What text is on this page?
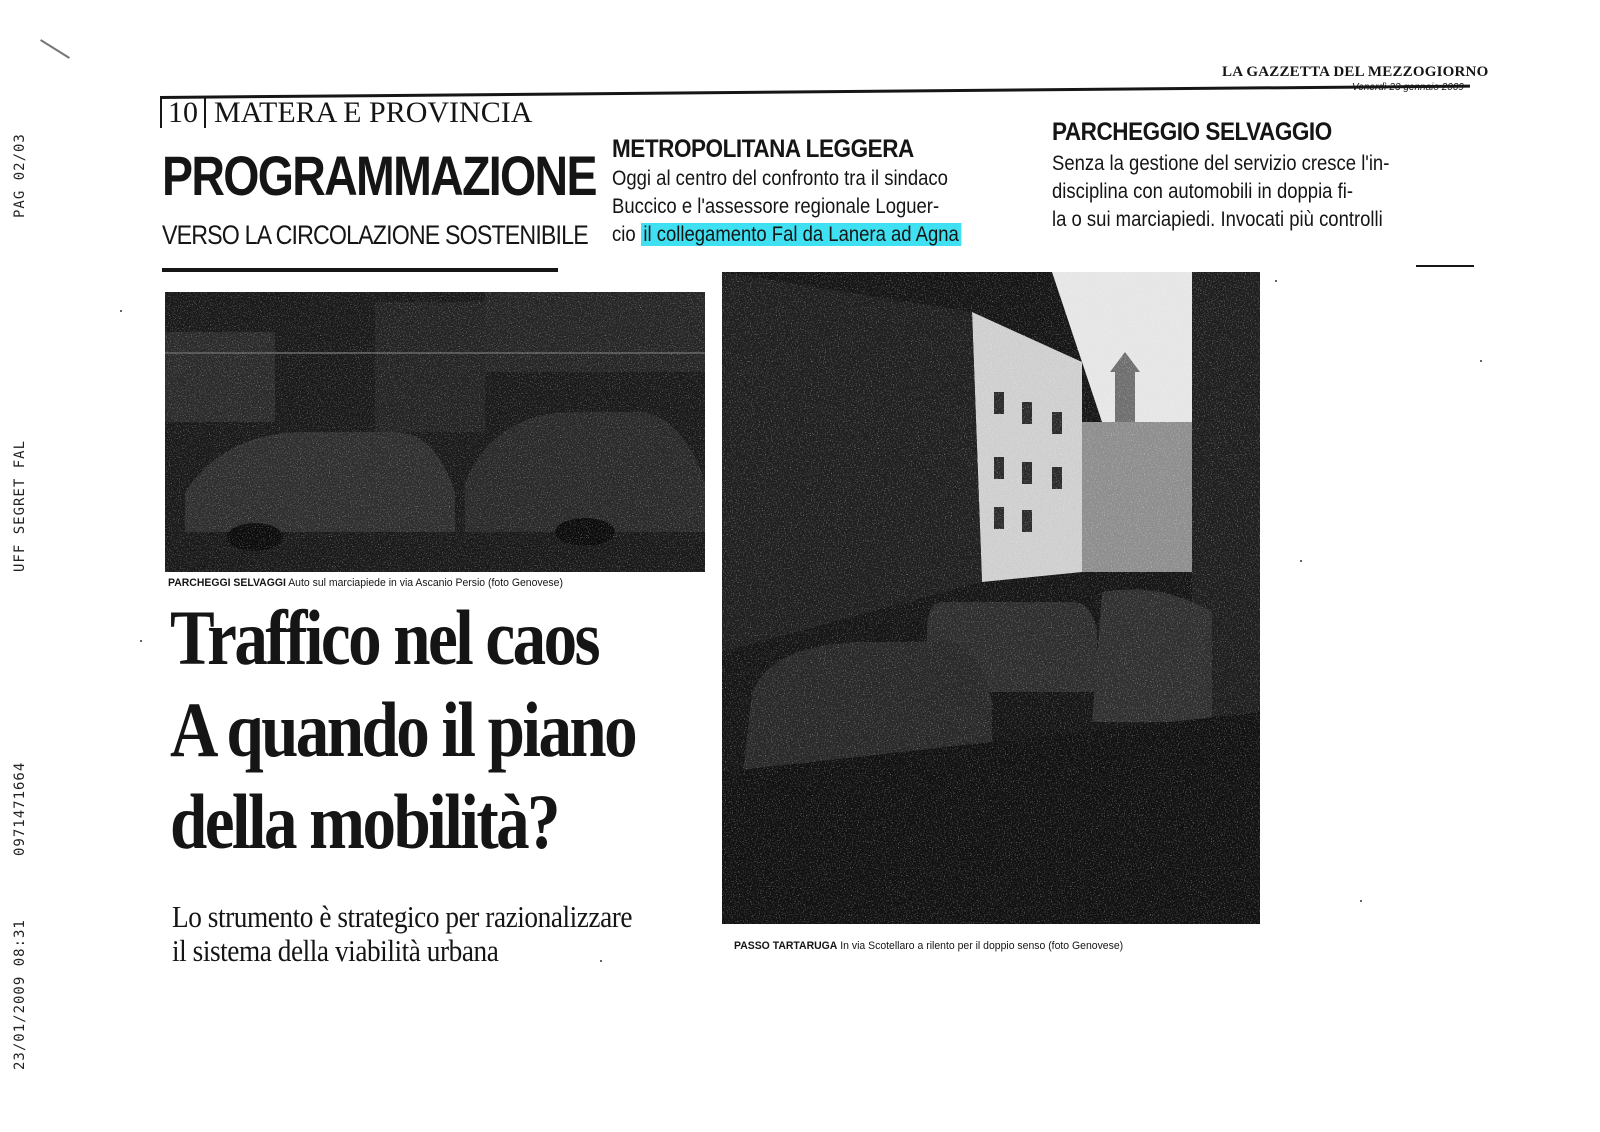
PAG 02/03
UFF SEGRET FAL
0971471664
23/01/2009 08:31
LA GAZZETTA DEL MEZZOGIORNO
10 MATERA E PROVINCIA
PROGRAMMAZIONE
VERSO LA CIRCOLAZIONE SOSTENIBILE
METROPOLITANA LEGGERA
Oggi al centro del confronto tra il sindaco
Buccico e l'assessore regionale Loguer-
cio il collegamento Fal da Lanera ad Agna
PARCHEGGIO SELVAGGIO
Senza la gestione del servizio cresce l'in-
disciplina con automobili in doppia fi-
la o sui marciapiedi. Invocati più controlli
PARCHEGGI SELVAGGI Auto sul marciapiede in via Ascanio Persio (foto Genovese)
PASSO TARTARUGA In via Scotellaro a rilento per il doppio senso (foto Genovese)
Traffico nel caos
A quando il piano
della mobilità?
Lo strumento è strategico per razionalizzare
il sistema della viabilità urbana
